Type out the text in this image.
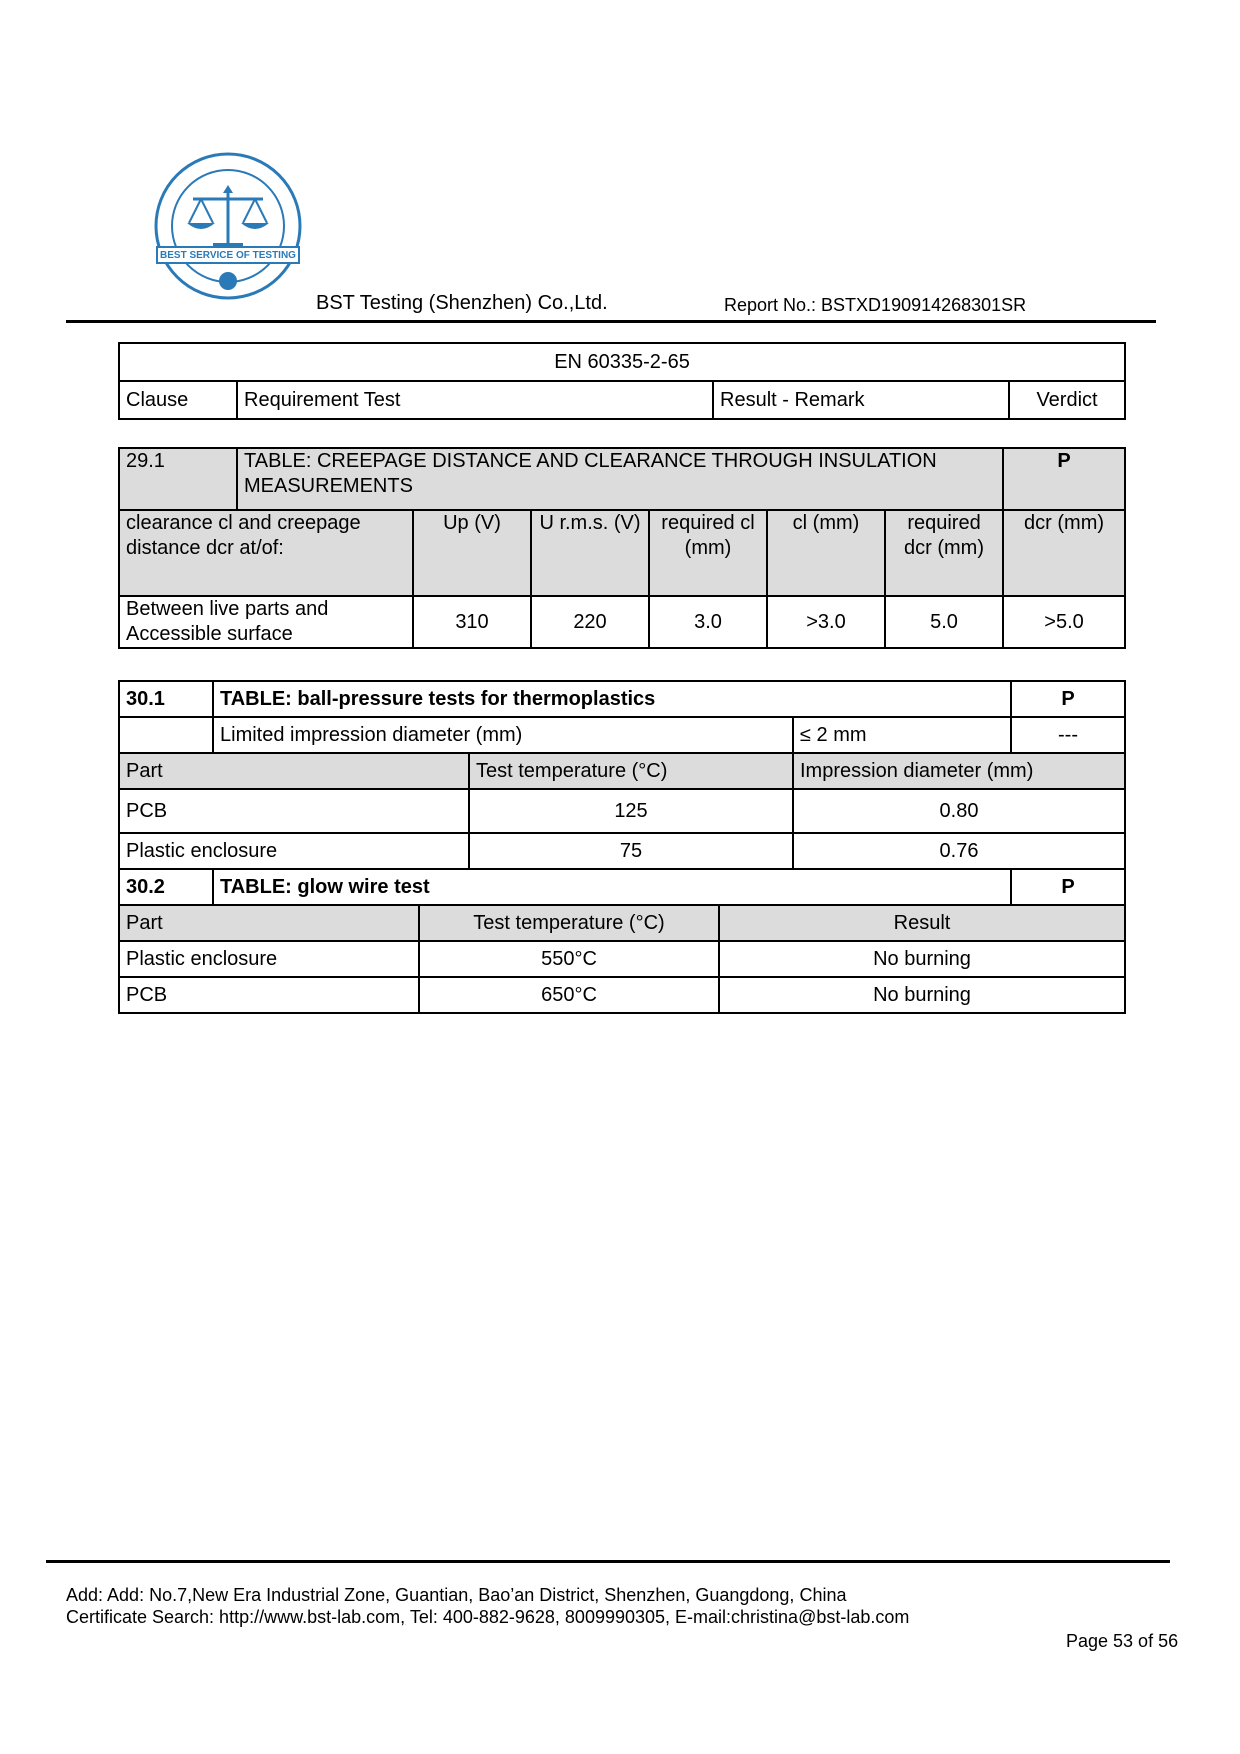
BEST SERVICE OF TESTING
BST Testing (Shenzhen) Co.,Ltd.	Report No.: BSTXD190914268301SR
EN 60335-2-65
Clause	Requirement Test	Result - Remark	Verdict
29.1	TABLE: CREEPAGE DISTANCE AND CLEARANCE THROUGH INSULATION MEASUREMENTS						P
clearance cl and creepage distance dcr at/of:		Up (V)	U r.m.s. (V)	required cl (mm)	cl (mm)	required dcr (mm)	dcr (mm)
Between live parts and Accessible surface		310	220	3.0	>3.0	5.0	>5.0
30.1	TABLE: ball-pressure tests for thermoplastics			P
	Limited impression diameter (mm)		≤ 2 mm	---
Part		Test temperature (°C)	Impression diameter (mm)	
PCB		125	0.80	
Plastic enclosure		75	0.76	
30.2	TABLE: glow wire test			P
Part		Test temperature (°C)	Result	
Plastic enclosure		550°C	No burning	
PCB		650°C	No burning	
Add: Add: No.7,New Era Industrial Zone, Guantian, Bao’an District, Shenzhen, Guangdong, China
Certificate Search: http://www.bst-lab.com, Tel: 400-882-9628, 8009990305, E-mail:christina@bst-lab.com
Page 53 of 56
